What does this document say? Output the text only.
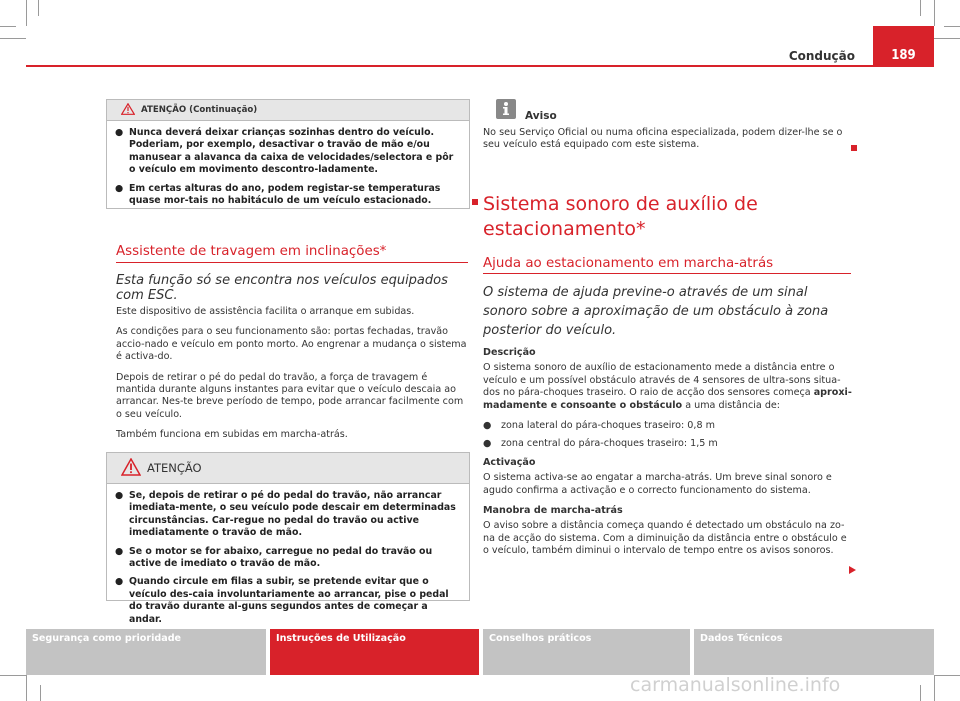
189
Condução
ATENÇÃO (Continuação)
● Nunca deverá deixar crianças sozinhas dentro do veículo. Poderiam, por exemplo, desactivar o travão de mão e/ou manusear a alavanca da caixa de velocidades/selectora e pôr o veículo em movimento descontro-ladamente.
● Em certas alturas do ano, podem registar-se temperaturas quase mor-tais no habitáculo de um veículo estacionado.
Assistente de travagem em inclinações*
Esta função só se encontra nos veículos equipados com ESC.

Este dispositivo de assistência facilita o arranque em subidas.

As condições para o seu funcionamento são: portas fechadas, travão accio-nado e veículo em ponto morto. Ao engrenar a mudança o sistema é activa-do.

Depois de retirar o pé do pedal do travão, a força de travagem é mantida durante alguns instantes para evitar que o veículo descaia ao arrancar. Nes-te breve período de tempo, pode arrancar facilmente com o seu veículo.

Também funciona em subidas em marcha-atrás.

ATENÇÃO
● Se, depois de retirar o pé do pedal do travão, não arrancar imediata-mente, o seu veículo pode descair em determinadas circunstâncias. Car-regue no pedal do travão ou active imediatamente o travão de mão.
● Se o motor se for abaixo, carregue no pedal do travão ou active de imediato o travão de mão.
● Quando circule em filas a subir, se pretende evitar que o veículo des-caia involuntariamente ao arrancar, pise o pedal do travão durante al-guns segundos antes de começar a andar.
Aviso
No seu Serviço Oficial ou numa oficina especializada, podem dizer-lhe se o seu veículo está equipado com este sistema.
Sistema sonoro de auxílio de
estacionamento*
Ajuda ao estacionamento em marcha-atrás
O sistema de ajuda previne-o através de um sinal sonoro sobre a aproximação de um obstáculo à zona posterior do veículo.

Descrição

O sistema sonoro de auxílio de estacionamento mede a distância entre o veículo e um possível obstáculo através de 4 sensores de ultra-sons situa-dos no pára-choques traseiro. O raio de acção dos sensores começa aproxi-madamente e consoante o obstáculo a uma distância de:

●	zona lateral do pára-choques traseiro: 0,8 m
●	zona central do pára-choques traseiro: 1,5 m

Activação

O sistema activa-se ao engatar a marcha-atrás. Um breve sinal sonoro e agudo confirma a activação e o correcto funcionamento do sistema.

Manobra de marcha-atrás

O aviso sobre a distância começa quando é detectado um obstáculo na zo-na de acção do sistema. Com a diminuição da distância entre o obstáculo e o veículo, também diminui o intervalo de tempo entre os avisos sonoros.

Segurança como prioridade	Instruções de Utilização	Conselhos práticos	Dados Técnicos
carmanualsonline.info
